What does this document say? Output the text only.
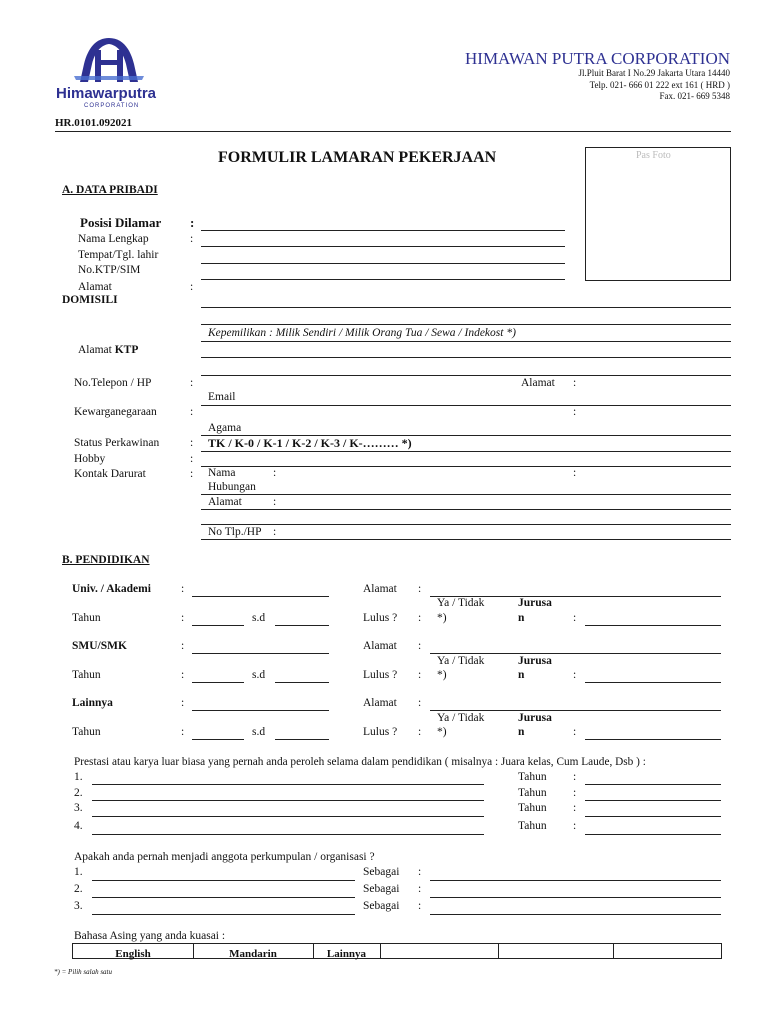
Himawarputra
CORPORATION
HIMAWAN PUTRA CORPORATION
Jl.Pluit Barat I No.29 Jakarta Utara 14440
Telp. 021- 666 01 222 ext 161 ( HRD )
Fax. 021- 669 5348
HR.0101.092021
FORMULIR LAMARAN PEKERJAAN	Pas Foto
A. DATA PRIBADI
Posisi Dilamar :
Nama Lengkap	:
Tempat/Tgl. lahir
No.KTP/SIM
Alamat	:
DOMISILI
Kepemilikan : Milik Sendiri / Milik Orang Tua / Sewa / Indekost *)
Alamat KTP
No.Telepon / HP	:	Alamat :
Email
Kewarganegaraan	:	:
Agama
Status Perkawinan	: TK / K-0 / K-1 / K-2 / K-3 / K-……… *)
Hobby	:
Kontak Darurat	: Nama	:	:
Hubungan
Alamat	:
No Tlp./HP :
B. PENDIDIKAN
Univ. / Akademi	:	Alamat :
Ya / Tidak	Jurusa
Tahun	:	s.d	Lulus ? : *)	n	:
SMU/SMK	:	Alamat :
Ya / Tidak	Jurusa
Tahun	:	s.d	Lulus ? : *)	n	:
Lainnya	:	Alamat :
Ya / Tidak	Jurusa
Tahun	:	s.d	Lulus ? : *)	n	:
Prestasi atau karya luar biasa yang pernah anda peroleh selama dalam pendidikan ( misalnya : Juara kelas, Cum Laude, Dsb ) :
1.	Tahun :
2.	Tahun :
3.	Tahun :
4.	Tahun :
Apakah anda pernah menjadi anggota perkumpulan / organisasi ?
1.	Sebagai :
2.	Sebagai :
3.	Sebagai :
Bahasa Asing yang anda kuasai :
English	Mandarin	Lainnya
*) = Pilih salah satu
